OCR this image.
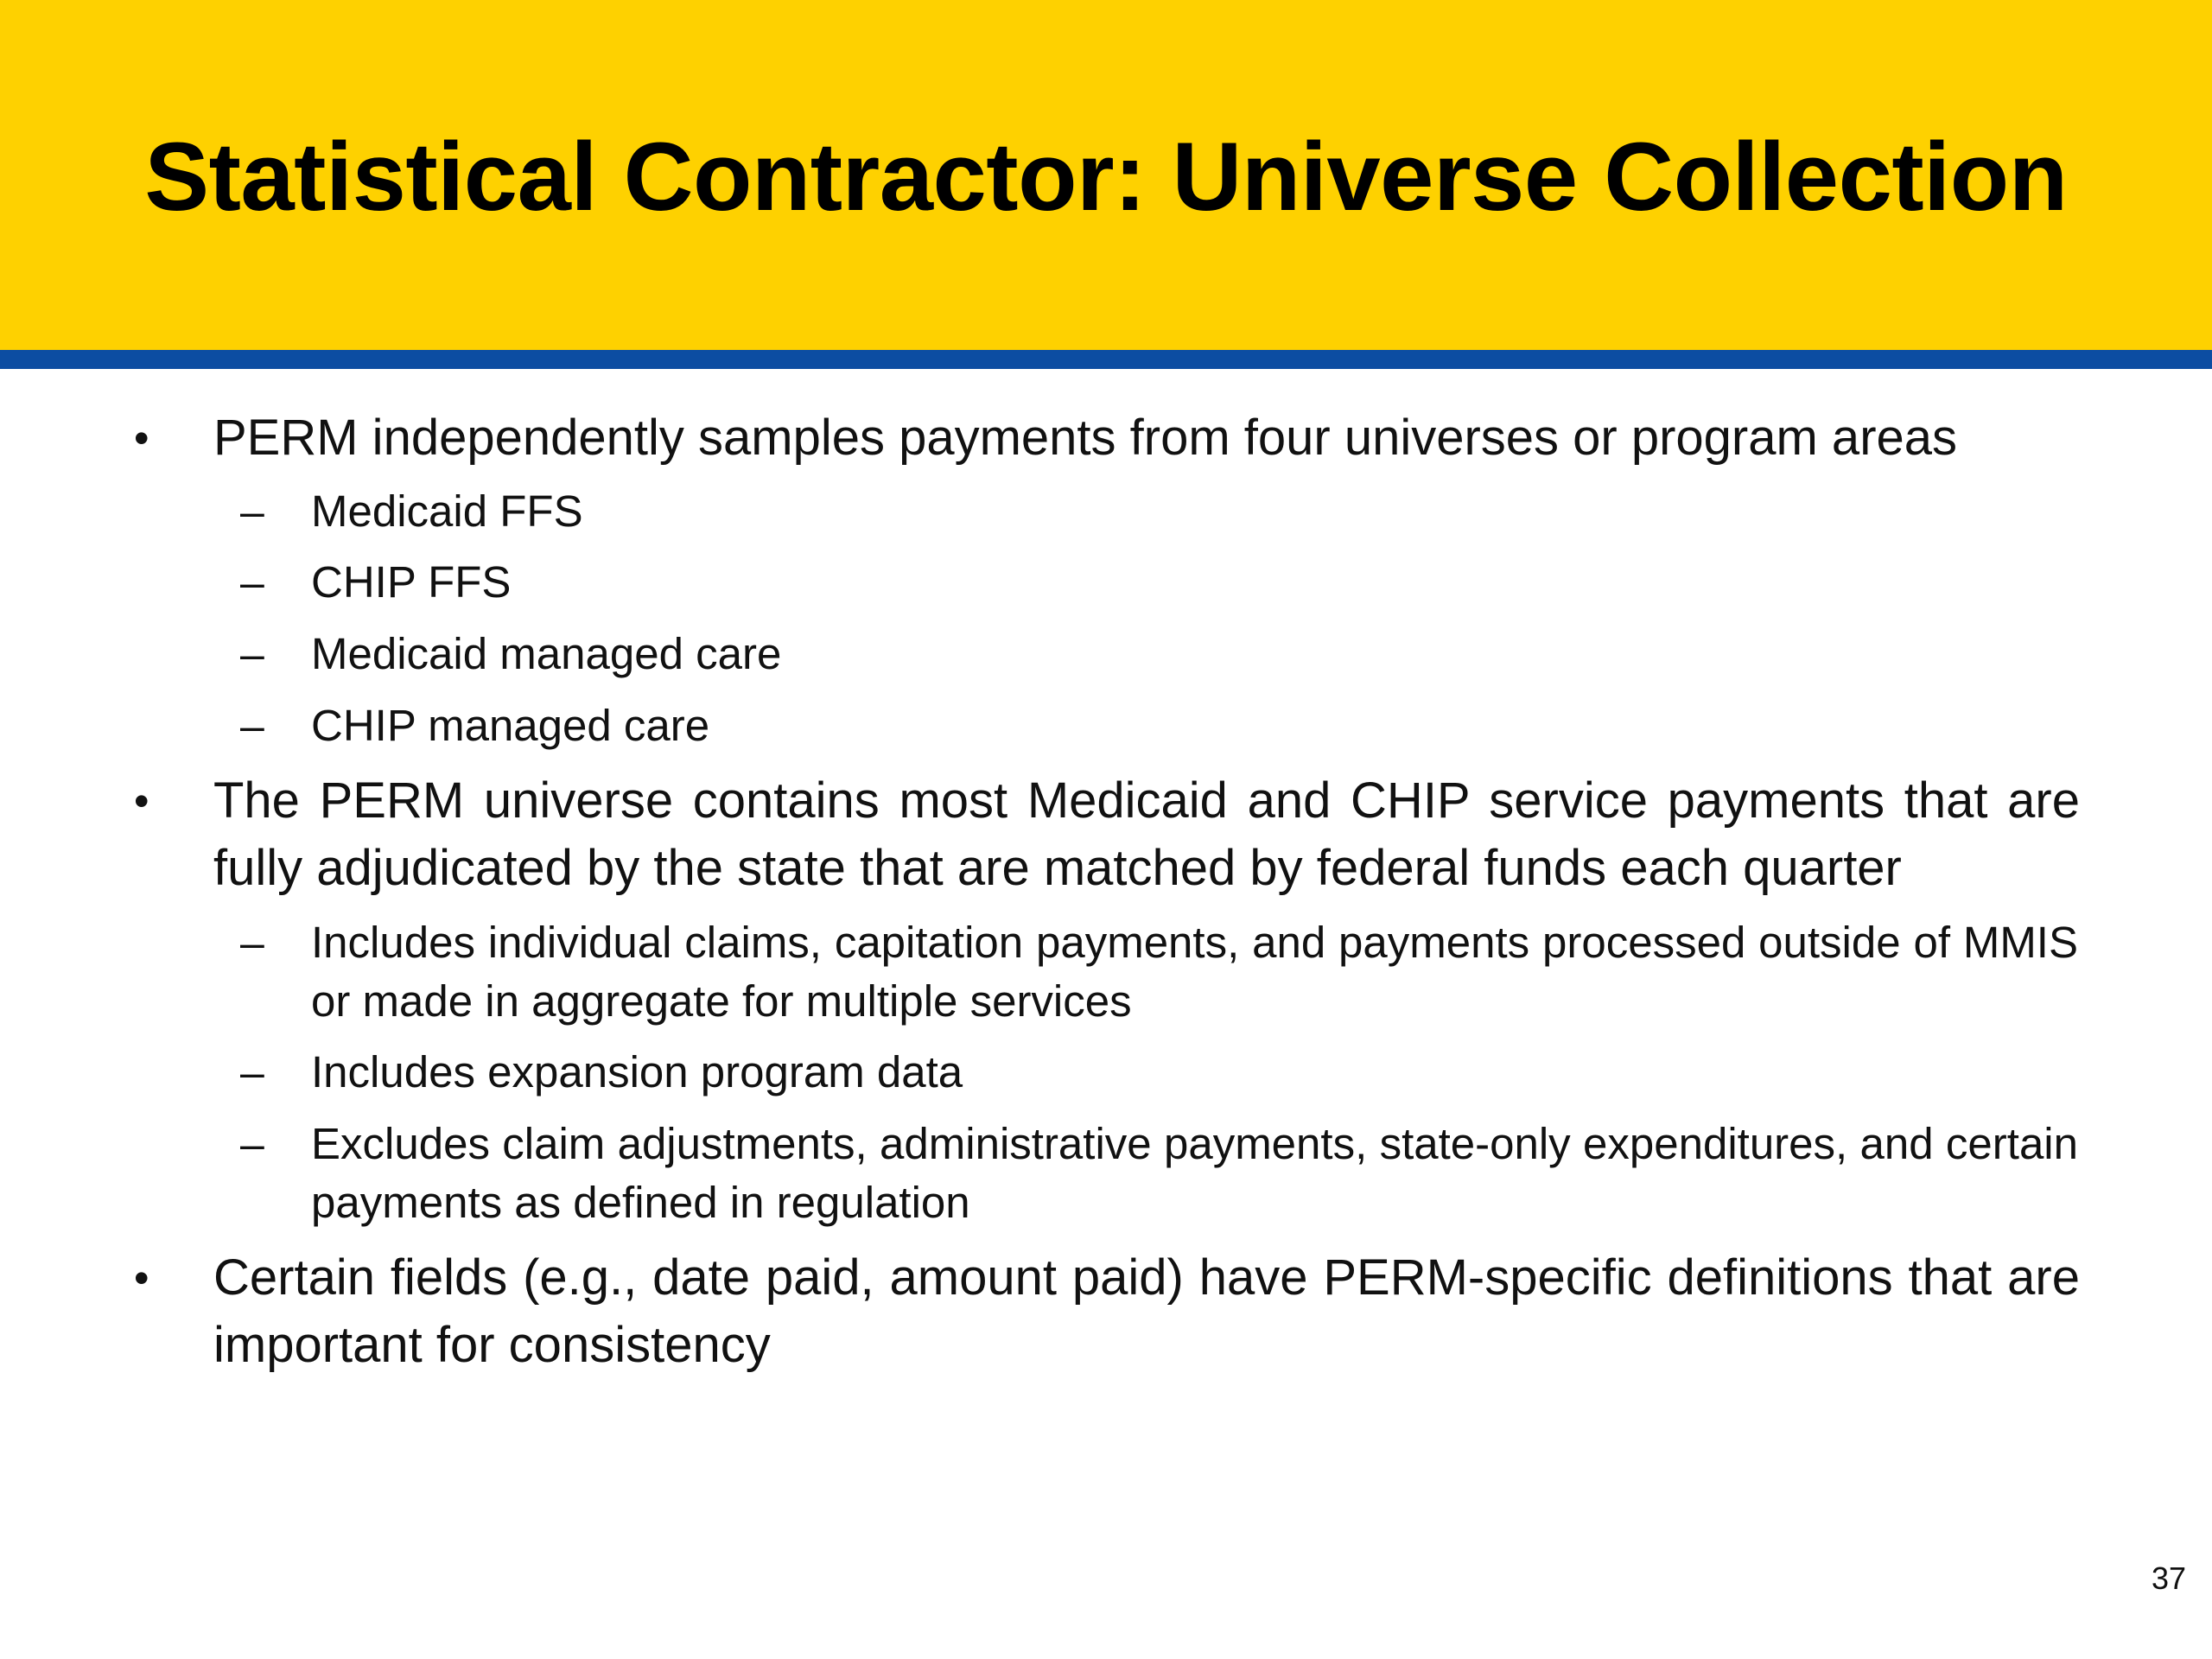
Statistical Contractor: Universe Collection
• PERM independently samples payments from four universes or program areas
– Medicaid FFS
– CHIP FFS
– Medicaid managed care
– CHIP managed care
• The PERM universe contains most Medicaid and CHIP service payments that are fully adjudicated by the state that are matched by federal funds each quarter
– Includes individual claims, capitation payments, and payments processed outside of MMIS or made in aggregate for multiple services
– Includes expansion program data
– Excludes claim adjustments, administrative payments, state-only expenditures, and certain payments as defined in regulation
• Certain fields (e.g., date paid, amount paid) have PERM-specific definitions that are important for consistency
37
